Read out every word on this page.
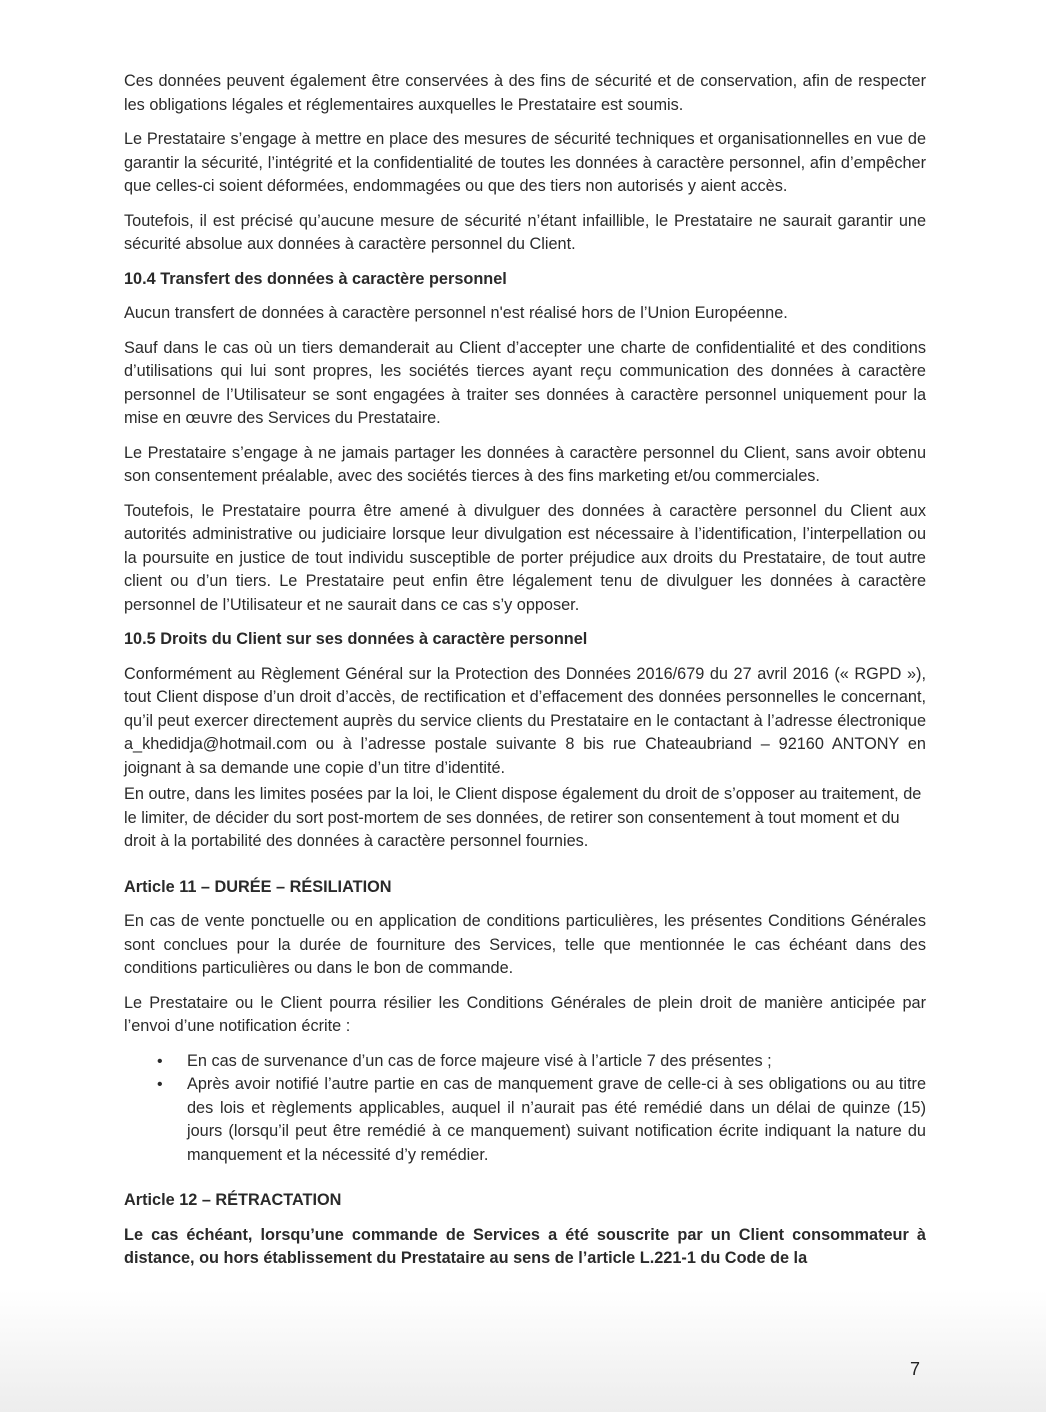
Ces données peuvent également être conservées à des fins de sécurité et de conservation, afin de respecter les obligations légales et réglementaires auxquelles le Prestataire est soumis.

Le Prestataire s’engage à mettre en place des mesures de sécurité techniques et organisationnelles en vue de garantir la sécurité, l’intégrité et la confidentialité de toutes les données à caractère personnel, afin d’empêcher que celles-ci soient déformées, endommagées ou que des tiers non autorisés y aient accès.

Toutefois, il est précisé qu’aucune mesure de sécurité n’étant infaillible, le Prestataire ne saurait garantir une sécurité absolue aux données à caractère personnel du Client.

10.4 Transfert des données à caractère personnel

Aucun transfert de données à caractère personnel n'est réalisé hors de l’Union Européenne.

Sauf dans le cas où un tiers demanderait au Client d’accepter une charte de confidentialité et des conditions d’utilisations qui lui sont propres, les sociétés tierces ayant reçu communication des données à caractère personnel de l’Utilisateur se sont engagées à traiter ses données à caractère personnel uniquement pour la mise en œuvre des Services du Prestataire.

Le Prestataire s’engage à ne jamais partager les données à caractère personnel du Client, sans avoir obtenu son consentement préalable, avec des sociétés tierces à des fins marketing et/ou commerciales.

Toutefois, le Prestataire pourra être amené à divulguer des données à caractère personnel du Client aux autorités administrative ou judiciaire lorsque leur divulgation est nécessaire à l’identification, l’interpellation ou la poursuite en justice de tout individu susceptible de porter préjudice aux droits du Prestataire, de tout autre client ou d’un tiers. Le Prestataire peut enfin être légalement tenu de divulguer les données à caractère personnel de l’Utilisateur et ne saurait dans ce cas s’y opposer.

10.5 Droits du Client sur ses données à caractère personnel

Conformément au Règlement Général sur la Protection des Données 2016/679 du 27 avril 2016 (« RGPD »), tout Client dispose d’un droit d’accès, de rectification et d’effacement des données personnelles le concernant, qu’il peut exercer directement auprès du service clients du Prestataire en le contactant à l’adresse électronique a_khedidja@hotmail.com ou à l’adresse postale suivante 8 bis rue Chateaubriand – 92160 ANTONY en joignant à sa demande une copie d’un titre d’identité.

En outre, dans les limites posées par la loi, le Client dispose également du droit de s’opposer au traitement, de le limiter, de décider du sort post-mortem de ses données, de retirer son consentement à tout moment et du droit à la portabilité des données à caractère personnel fournies.

Article 11 – DURÉE – RÉSILIATION

En cas de vente ponctuelle ou en application de conditions particulières, les présentes Conditions Générales sont conclues pour la durée de fourniture des Services, telle que mentionnée le cas échéant dans des conditions particulières ou dans le bon de commande.

Le Prestataire ou le Client pourra résilier les Conditions Générales de plein droit de manière anticipée par l’envoi d’une notification écrite :

•	En cas de survenance d’un cas de force majeure visé à l’article 7 des présentes ;
•	Après avoir notifié l’autre partie en cas de manquement grave de celle-ci à ses obligations ou au titre des lois et règlements applicables, auquel il n’aurait pas été remédié dans un délai de quinze (15) jours (lorsqu’il peut être remédié à ce manquement) suivant notification écrite indiquant la nature du manquement et la nécessité d’y remédier.
Article 12 – RÉTRACTATION

Le cas échéant, lorsqu’une commande de Services a été souscrite par un Client consommateur à distance, ou hors établissement du Prestataire au sens de l’article L.221-1 du Code de la

7
